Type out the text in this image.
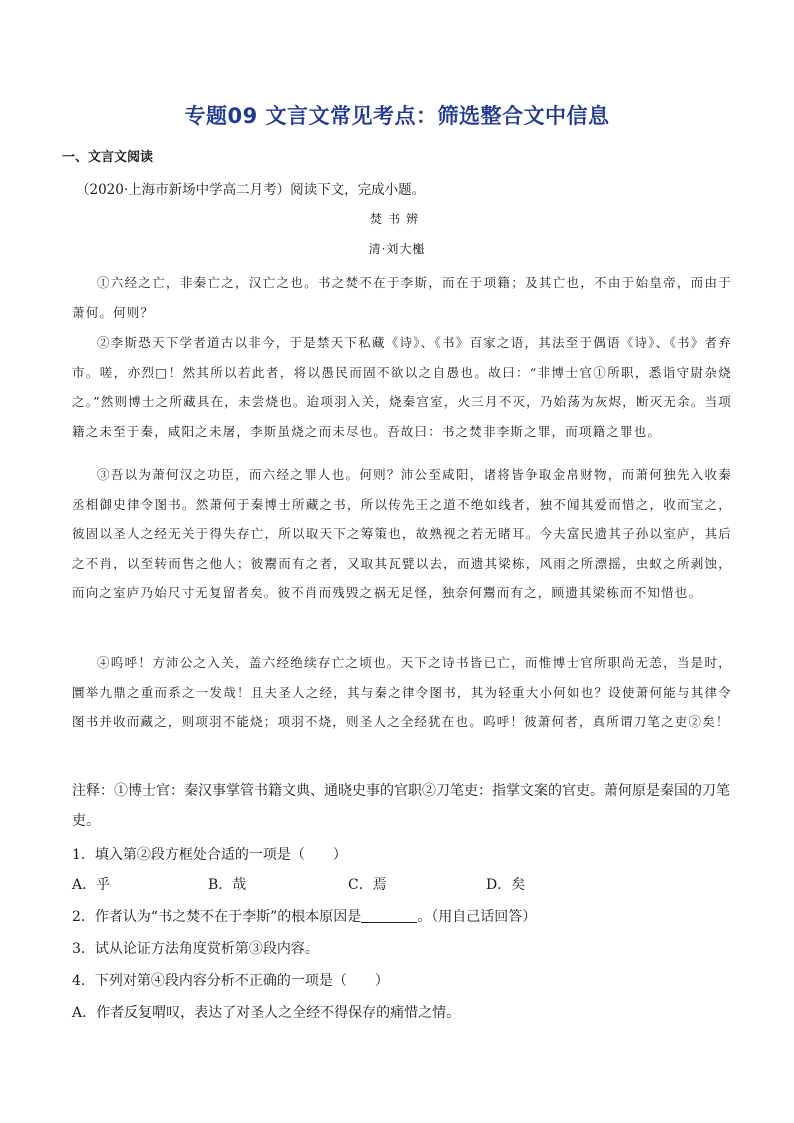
专题09 文言文常见考点：筛选整合文中信息
一、文言文阅读
（2020·上海市新场中学高二月考）阅读下文，完成小题。
焚书辨
清·刘大櫆

①六经之亡，非秦亡之，汉亡之也。书之焚不在于李斯，而在于项籍；及其亡也，不由于始皇帝，而由于萧何。何则？

②李斯恐天下学者道古以非今，于是禁天下私藏《诗》、《书》百家之语，其法至于偶语《诗》、《书》者弃市。嗟，亦烈□！然其所以若此者，将以愚民而固不欲以之自愚也。故曰：“非博士官①所职，悉诣守尉杂烧之。”然则博士之所藏具在，未尝烧也。迨项羽入关，烧秦宫室，火三月不灭，乃始荡为灰烬，断灭无余。当项籍之未至于秦，咸阳之未屠，李斯虽烧之而未尽也。吾故曰：书之焚非李斯之罪，而项籍之罪也。

③吾以为萧何汉之功臣，而六经之罪人也。何则？沛公至咸阳，诸将皆争取金帛财物，而萧何独先入收秦丞相御史律令图书。然萧何于秦博士所藏之书，所以传先王之道不绝如线者，独不闻其爱而惜之，收而宝之，彼固以圣人之经无关于得失存亡，所以取天下之筹策也，故熟视之若无睹耳。今夫富民遗其子孙以室庐，其后之不肖，以至转而售之他人；彼鬻而有之者，又取其瓦甓以去，而遗其梁栋，风雨之所漂摇，虫蚁之所剥蚀，而向之室庐乃始尺寸无复留者矣。彼不肖而残毁之祸无足怪，独奈何鬻而有之，顾遗其梁栋而不知惜也。

④呜呼！方沛公之入关，盖六经绝续存亡之顷也。天下之诗书皆已亡，而惟博士官所职尚无恙，当是时，圜举九鼎之重而系之一发哉！且夫圣人之经，其与秦之律令图书，其为轻重大小何如也？设使萧何能与其律令图书并收而藏之，则项羽不能烧；项羽不烧，则圣人之全经犹在也。呜呼！彼萧何者，真所谓刀笔之吏②矣！

注释：①博士官：秦汉事掌管书籍文典、通晓史事的官职②刀笔吏：指掌文案的官吏。萧何原是秦国的刀笔吏。

1．填入第②段方框处合适的一项是（　　）

A．乎	B．哉	C．焉	D．矣

2．作者认为“书之焚不在于李斯”的根本原因是	。（用自己话回答）

3．试从论证方法角度赏析第③段内容。

4．下列对第④段内容分析不正确的一项是（　　）

A．作者反复喟叹，表达了对圣人之全经不得保存的痛惜之情。
